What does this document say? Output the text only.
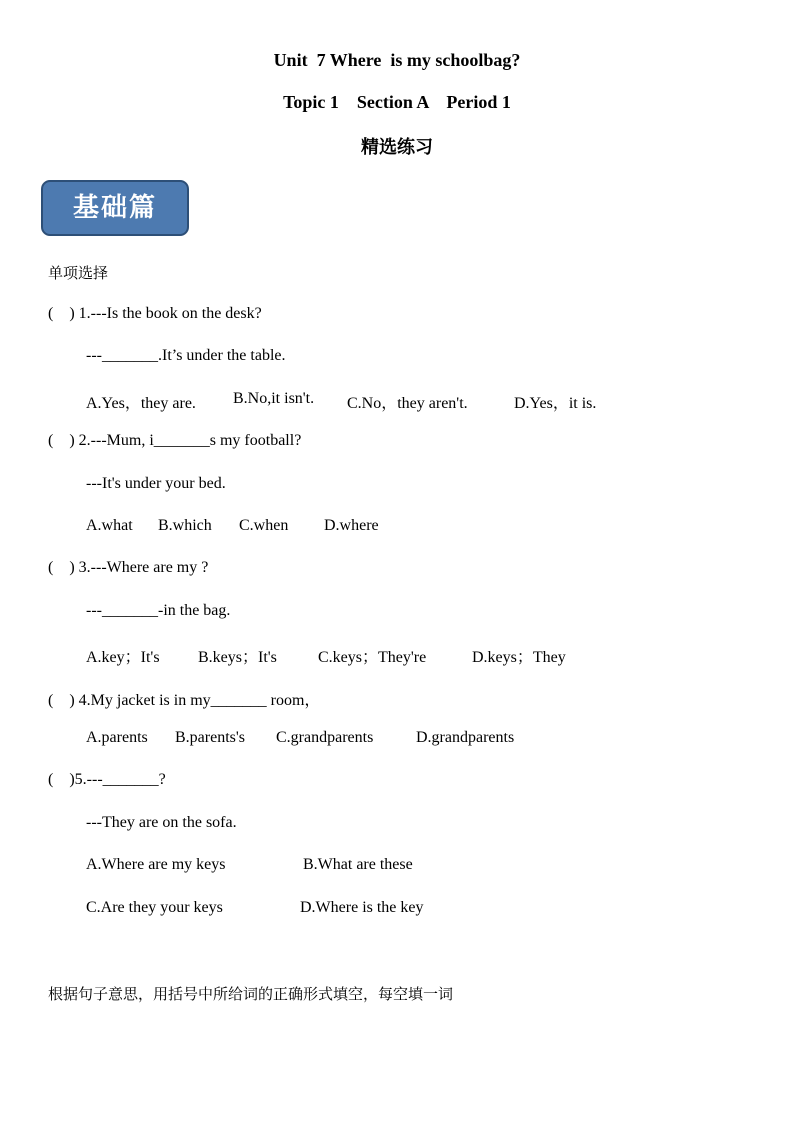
Unit  7 Where  is my schoolbag?
Topic 1    Section A    Period 1
精选练习
基础篇
单项选择
(    ) 1.---Is the book on the desk?
---_______.It’s under the table.
A.Yes，they are. B.No,it isn't. C.No，they aren't.	D.Yes，it is.
(    ) 2.---Mum, i_______s my football?
---It's under your bed.
A.what B.which C.when D.where
(    ) 3.---Where are my ?
---_______-in the bag.
A.key；It's B.keys；It's	C.keys；They're	D.keys；They
(    ) 4.My jacket is in my_______ room，
A.parents B.parents's C.grandparents	D.grandparents
(    )5.---_______?
---They are on the sofa.
A.Where are my keys	B.What are these
C.Are they your keys	D.Where is the key
根据句子意思，用括号中所给词的正确形式填空，每空填一词
